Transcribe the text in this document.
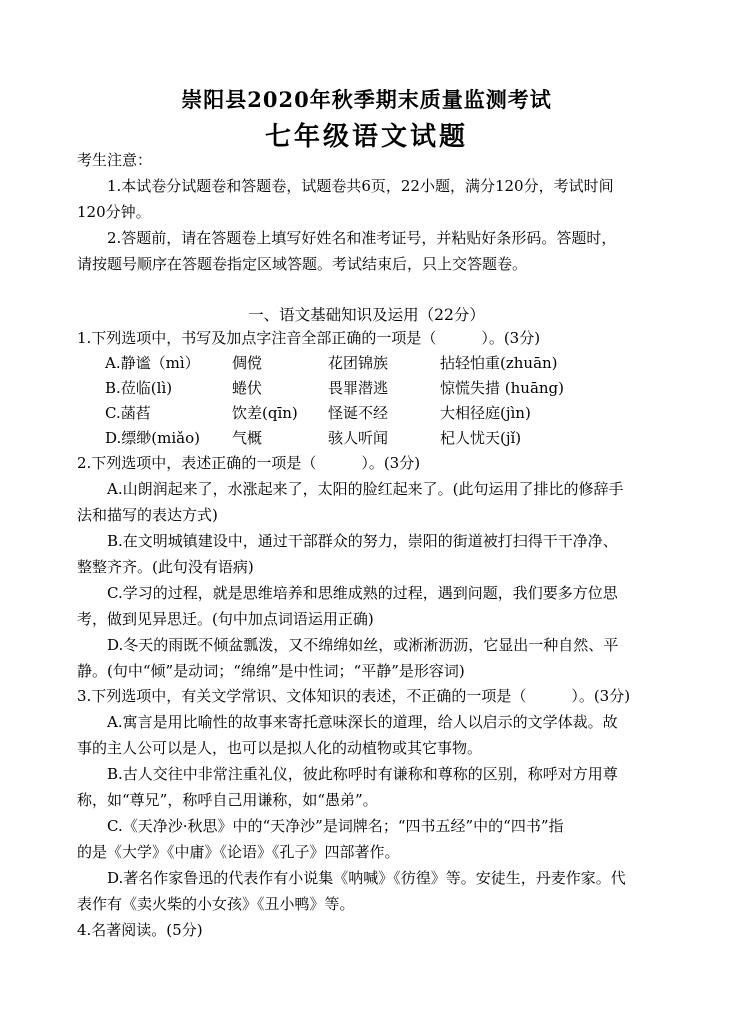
崇阳县2020年秋季期末质量监测考试
七年级语文试题
考生注意：
1.本试卷分试题卷和答题卷，试题卷共6页，22小题，满分120分，考试时间
120分钟。
2.答题前，请在答题卷上填写好姓名和准考证号，并粘贴好条形码。答题时，
请按题号顺序在答题卷指定区域答题。考试结束后，只上交答题卷。
一、语文基础知识及运用（22分）
1.下列选项中，书写及加点字注音全部正确的一项是（　　　）。(3分)
A.静谧（mì） 倜傥	花团锦族	拈轻怕重(zhuān)
B.莅临(lì)	蜷伏	畏罪潜逃	惊慌失措 (huāng)
C.菡萏	饮差(qīn) 怪诞不经	大相径庭(jìn)
D.缥缈(miǎo) 气概	骇人听闻	杞人忧天(jǐ)
2.下列选项中，表述正确的一项是（　　　）。(3分)
A.山朗润起来了，水涨起来了，太阳的脸红起来了。(此句运用了排比的修辞手
法和描写的表达方式)
B.在文明城镇建设中，通过干部群众的努力，崇阳的街道被打扫得干干净净、
整整齐齐。(此句没有语病)
C.学习的过程，就是思维培养和思维成熟的过程，遇到问题，我们要多方位思
考，做到见异思迁。(句中加点词语运用正确)
D.冬天的雨既不倾盆瓢泼，又不绵绵如丝，或淅淅沥沥，它显出一种自然、平
静。(句中“倾”是动词；“绵绵”是中性词；“平静”是形容词)
3.下列选项中，有关文学常识、文体知识的表述，不正确的一项是（　　　）。(3分)
A.寓言是用比喻性的故事来寄托意味深长的道理，给人以启示的文学体裁。故
事的主人公可以是人，也可以是拟人化的动植物或其它事物。
B.古人交往中非常注重礼仪，彼此称呼时有谦称和尊称的区别，称呼对方用尊
称，如“尊兄”，称呼自己用谦称，如“愚弟”。
C.《天净沙·秋思》中的“天净沙”是词牌名；“四书五经”中的“四书”指
的是《大学》《中庸》《论语》《孔子》四部著作。
D.著名作家鲁迅的代表作有小说集《呐喊》《彷徨》等。安徒生，丹麦作家。代
表作有《卖火柴的小女孩》《丑小鸭》等。
4.名著阅读。(5分)
